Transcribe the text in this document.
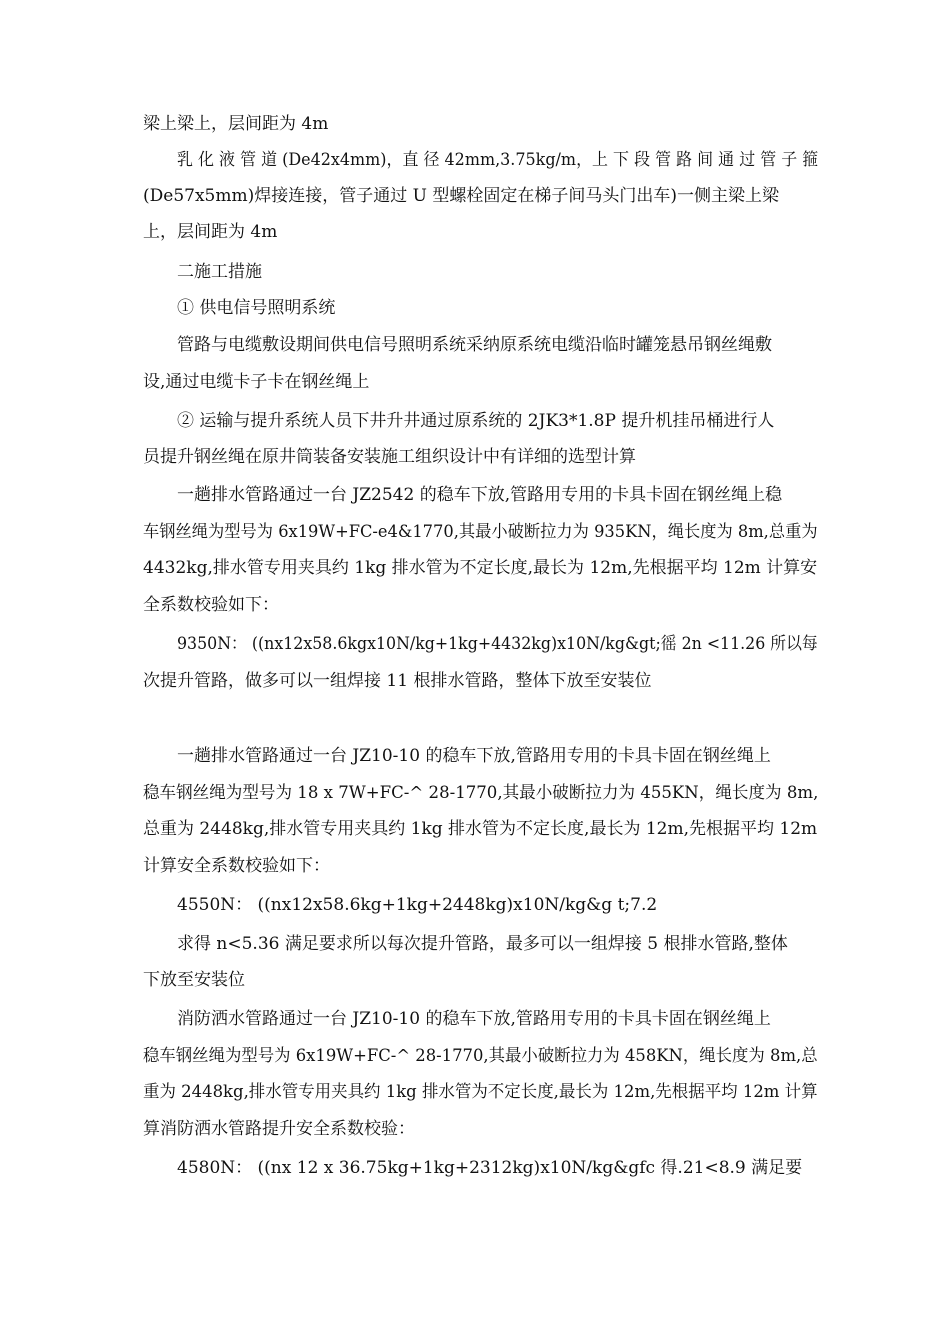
梁上梁上，层间距为 4m
乳 化 液 管 道 (De42x4mm)，直 径 42mm,3.75kg/m，上 下 段 管 路 间 通 过 管 子 箍
(De57x5mm)焊接连接，管子通过 U 型螺栓固定在梯子间马头门出车)一侧主梁上梁
上，层间距为 4m
二施工措施
① 供电信号照明系统
管路与电缆敷设期间供电信号照明系统采纳原系统电缆沿临时罐笼悬吊钢丝绳敷
设,通过电缆卡子卡在钢丝绳上
② 运输与提升系统人员下井升井通过原系统的 2JK3*1.8P 提升机挂吊桶进行人
员提升钢丝绳在原井筒装备安装施工组织设计中有详细的选型计算
一趟排水管路通过一台 JZ2542 的稳车下放,管路用专用的卡具卡固在钢丝绳上稳
车钢丝绳为型号为 6x19W+FC-e4&1770,其最小破断拉力为 935KN，绳长度为 8m,总重为
4432kg,排水管专用夹具约 1kg 排水管为不定长度,最长为 12m,先根据平均 12m 计算安
全系数校验如下：
9350N： ((nx12x58.6kgx10N/kg+1kg+4432kg)x10N/kg&gt;徭 2n <11.26 所以每
次提升管路，做多可以一组焊接 11 根排水管路，整体下放至安装位
一趟排水管路通过一台 JZ10-10 的稳车下放,管路用专用的卡具卡固在钢丝绳上
稳车钢丝绳为型号为 18 x 7W+FC-^ 28-1770,其最小破断拉力为 455KN，绳长度为 8m,
总重为 2448kg,排水管专用夹具约 1kg 排水管为不定长度,最长为 12m,先根据平均 12m
计算安全系数校验如下：
4550N： ((nx12x58.6kg+1kg+2448kg)x10N/kg&g t;7.2
求得 n<5.36 满足要求所以每次提升管路，最多可以一组焊接 5 根排水管路,整体
下放至安装位
消防洒水管路通过一台 JZ10-10 的稳车下放,管路用专用的卡具卡固在钢丝绳上
稳车钢丝绳为型号为 6x19W+FC-^ 28-1770,其最小破断拉力为 458KN，绳长度为 8m,总
重为 2448kg,排水管专用夹具约 1kg 排水管为不定长度,最长为 12m,先根据平均 12m 计算
算消防洒水管路提升安全系数校验：
4580N： ((nx 12 x 36.75kg+1kg+2312kg)x10N/kg&gfc 得.21<8.9 满足要
